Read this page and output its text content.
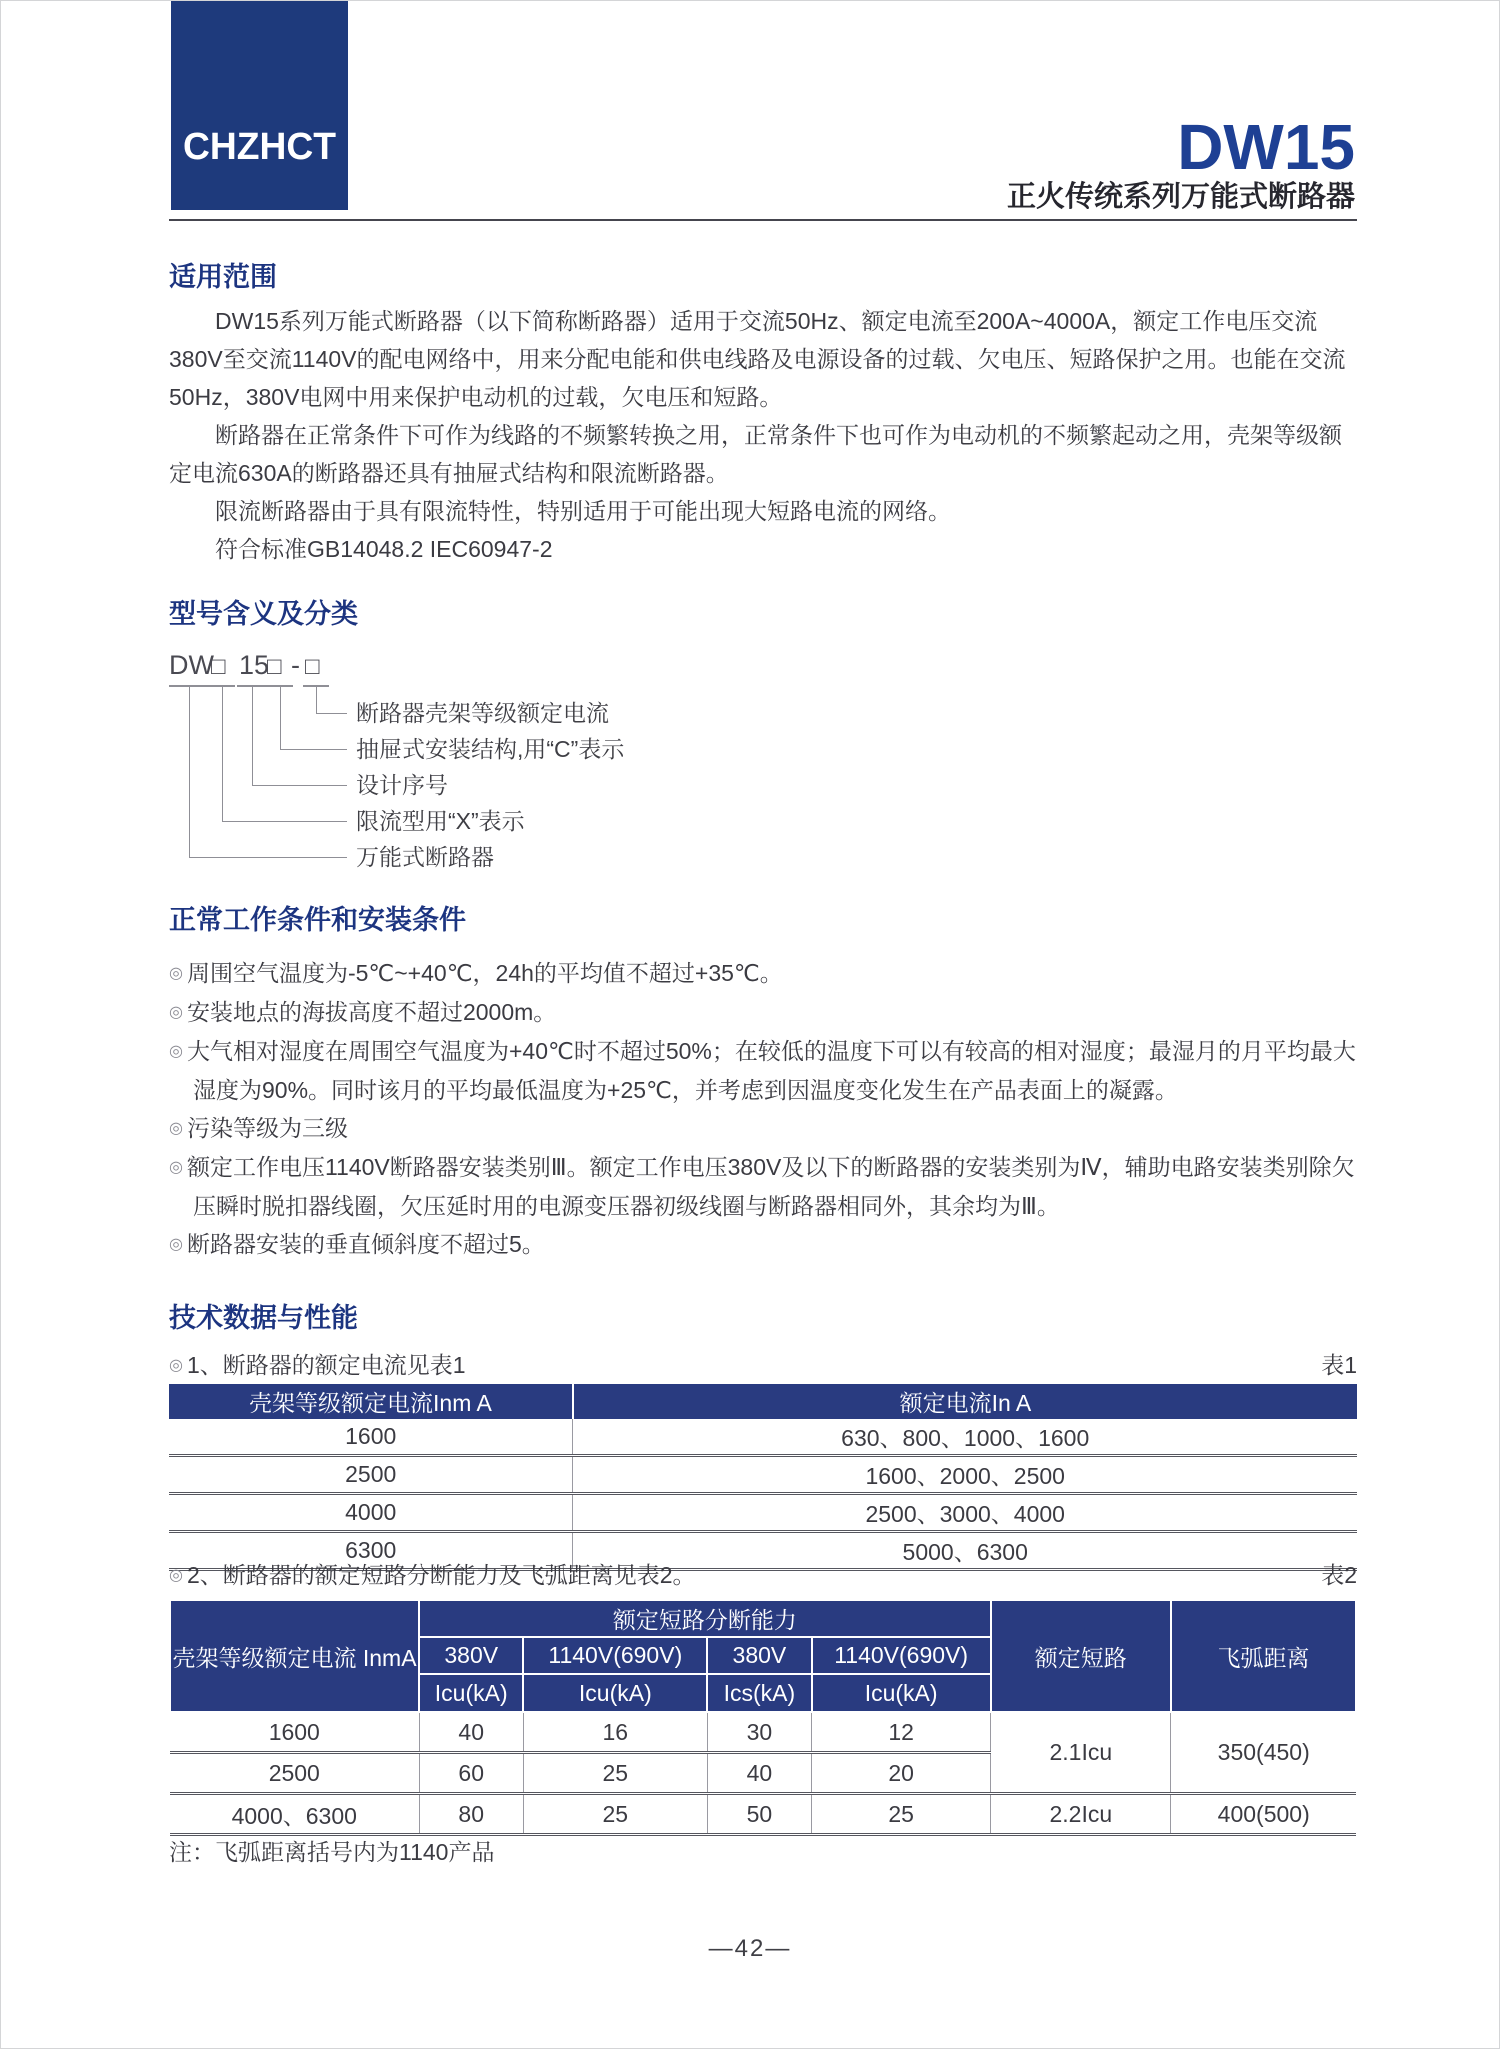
CHZHCT	DW15
正火传统系列万能式断路器
适用范围

DW15系列万能式断路器（以下简称断路器）适用于交流50Hz、额定电流至200A~4000A，额定工作电压交流380V至交流1140V的配电网络中，用来分配电能和供电线路及电源设备的过载、欠电压、短路保护之用。也能在交流50Hz，380V电网中用来保护电动机的过载，欠电压和短路。

断路器在正常条件下可作为线路的不频繁转换之用，正常条件下也可作为电动机的不频繁起动之用，壳架等级额定电流630A的断路器还具有抽屉式结构和限流断路器。

限流断路器由于具有限流特性，特别适用于可能出现大短路电流的网络。

符合标准GB14048.2 IEC60947-2

型号含义及分类
DW
□ 15
□ - □
断路器壳架等级额定电流
抽屉式安装结构,用“C”表示
设计序号
限流型用“X”表示
万能式断路器
正常工作条件和安装条件

◎ 周围空气温度为-5℃~+40℃，24h的平均值不超过+35℃。

◎ 安装地点的海拔高度不超过2000m。

◎ 大气相对湿度在周围空气温度为+40℃时不超过50%；在较低的温度下可以有较高的相对湿度；最湿月的月平均最大湿度为90%。同时该月的平均最低温度为+25℃，并考虑到因温度变化发生在产品表面上的凝露。

◎ 污染等级为三级

◎ 额定工作电压1140V断路器安装类别Ⅲ。额定工作电压380V及以下的断路器的安装类别为Ⅳ，辅助电路安装类别除欠压瞬时脱扣器线圈，欠压延时用的电源变压器初级线圈与断路器相同外，其余均为Ⅲ。

◎ 断路器安装的垂直倾斜度不超过5。

技术数据与性能
◎ 1、断路器的额定电流见表1	表1
壳架等级额定电流Inm A	额定电流In A
1600	630、800、1000、1600
2500	1600、2000、2500
4000	2500、3000、4000
6300	5000、6300
◎ 2、断路器的额定短路分断能力及飞弧距离见表2。	表2
壳架等级额定电流 InmA	额定短路分断能力				额定短路	飞弧距离
	380V	1140V(690V)	380V	1140V(690V)		
	Icu(kA)	Icu(kA)	Ics(kA)	Icu(kA)		
1600	40	16	30	12	2.1Icu	350(450)
2500	60	25	40	20		
4000、6300	80	25	50	25	2.2Icu	400(500)
注：飞弧距离括号内为1140产品
—42—
